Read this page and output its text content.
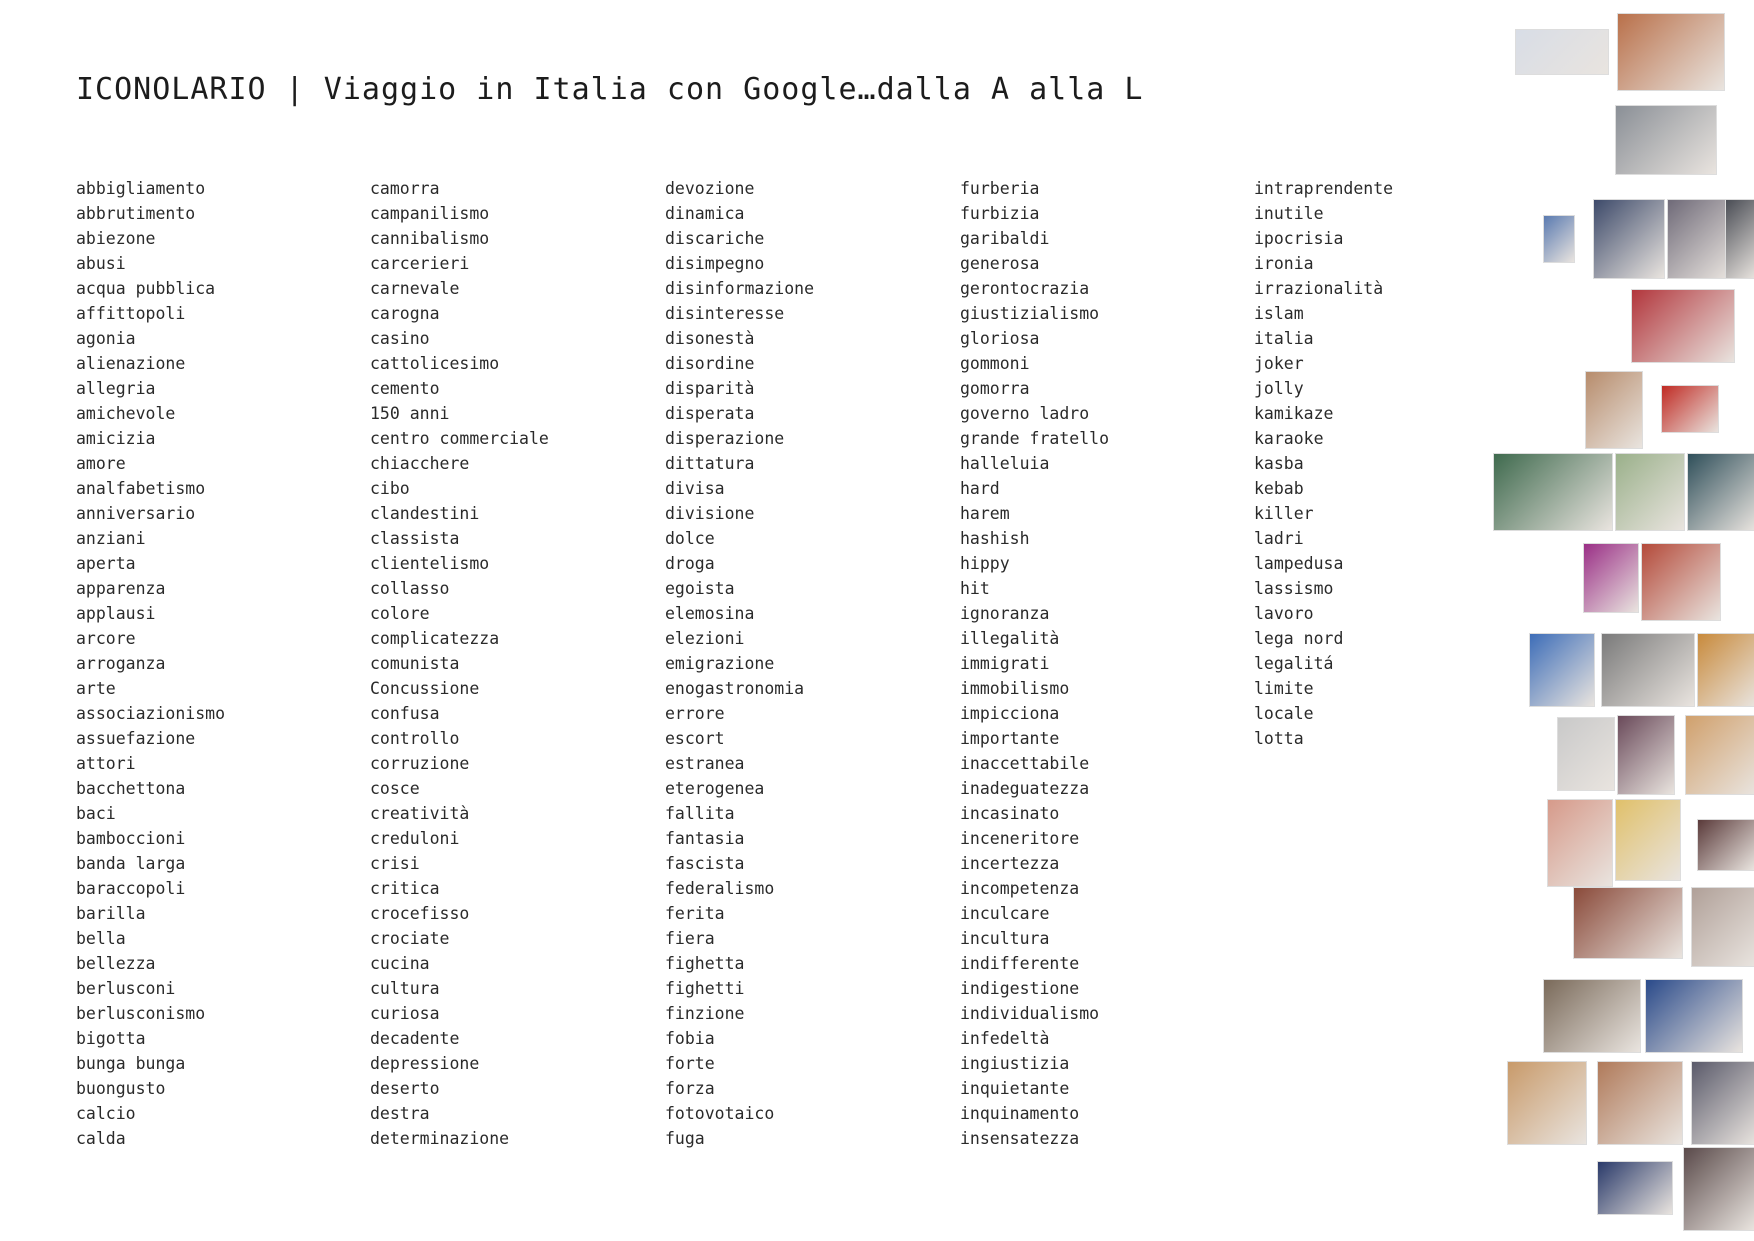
ICONOLARIO | Viaggio in Italia con Google…dalla A alla L
abbigliamento
abbrutimento
abiezone
abusi
acqua pubblica
affittopoli
agonia
alienazione
allegria
amichevole
amicizia
amore
analfabetismo
anniversario
anziani
aperta
apparenza
applausi
arcore
arroganza
arte
associazionismo
assuefazione
attori
bacchettona
baci
bamboccioni
banda larga
baraccopoli
barilla
bella
bellezza
berlusconi
berlusconismo
bigotta
bunga bunga
buongusto
calcio
calda
camorra
campanilismo
cannibalismo
carcerieri
carnevale
carogna
casino
cattolicesimo
cemento
150 anni
centro commerciale
chiacchere
cibo
clandestini
classista
clientelismo
collasso
colore
complicatezza
comunista
Concussione
confusa
controllo
corruzione
cosce
creatività
creduloni
crisi
critica
crocefisso
crociate
cucina
cultura
curiosa
decadente
depressione
deserto
destra
determinazione
devozione
dinamica
discariche
disimpegno
disinformazione
disinteresse
disonestà
disordine
disparità
disperata
disperazione
dittatura
divisa
divisione
dolce
droga
egoista
elemosina
elezioni
emigrazione
enogastronomia
errore
escort
estranea
eterogenea
fallita
fantasia
fascista
federalismo
ferita
fiera
fighetta
fighetti
finzione
fobia
forte
forza
fotovotaico
fuga
furberia
furbizia
garibaldi
generosa
gerontocrazia
giustizialismo
gloriosa
gommoni
gomorra
governo ladro
grande fratello
halleluia
hard
harem
hashish
hippy
hit
ignoranza
illegalità
immigrati
immobilismo
impicciona
importante
inaccettabile
inadeguatezza
incasinato
inceneritore
incertezza
incompetenza
inculcare
incultura
indifferente
indigestione
individualismo
infedeltà
ingiustizia
inquietante
inquinamento
insensatezza
intraprendente
inutile
ipocrisia
ironia
irrazionalità
islam
italia
joker
jolly
kamikaze
karaoke
kasba
kebab
killer
ladri
lampedusa
lassismo
lavoro
lega nord
legalitá
limite
locale
lotta
